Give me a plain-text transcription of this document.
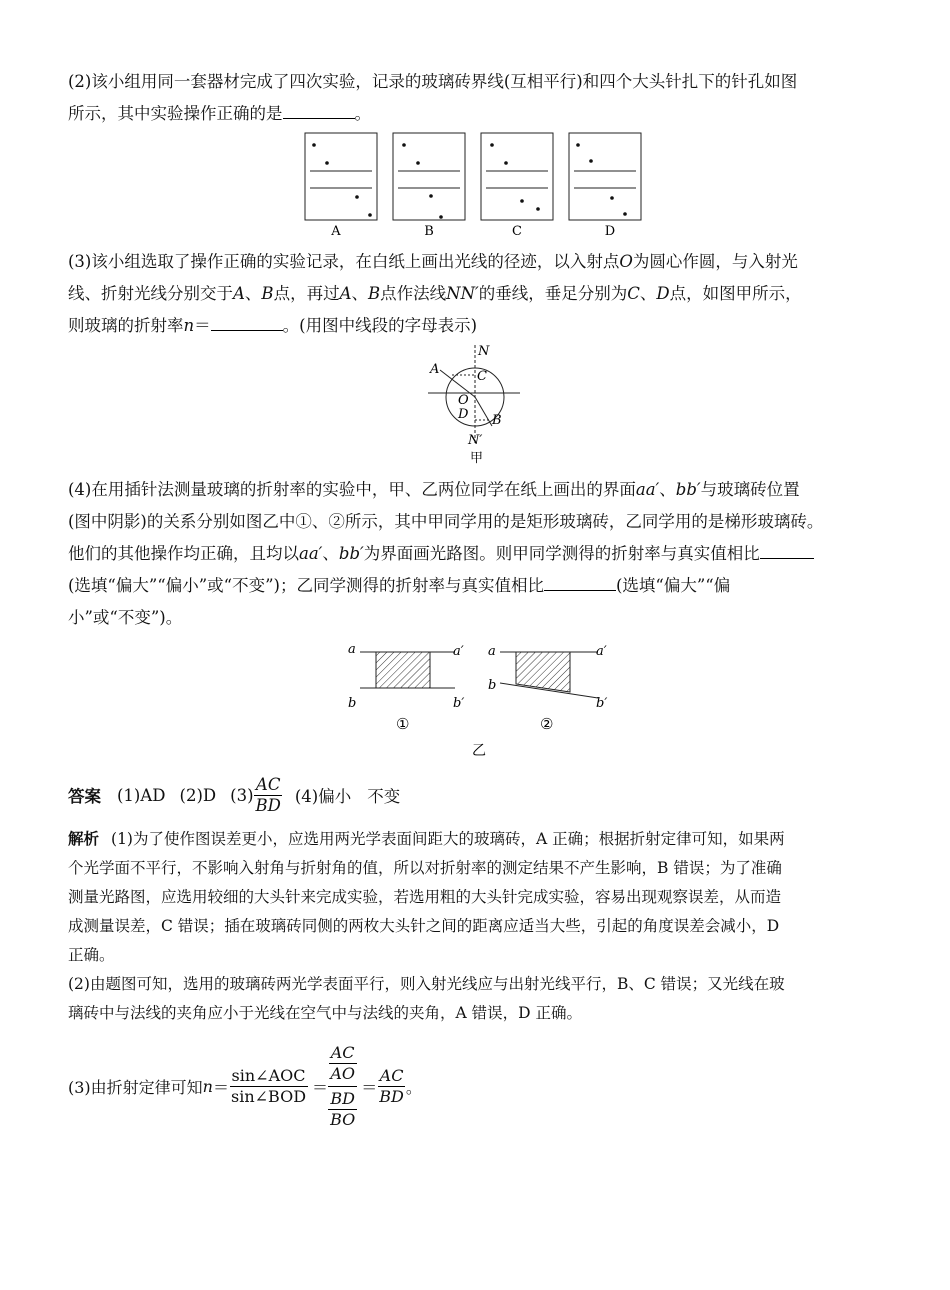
(2)该小组用同一套器材完成了四次实验，记录的玻璃砖界线(互相平行)和四个大头针扎下的针孔如图
所示，其中实验操作正确的是	。
A	B	C	D
(3)该小组选取了操作正确的实验记录，在白纸上画出光线的径迹，以入射点O为圆心作圆，与入射光
线、折射光线分别交于A、B点，再过A、B点作法线NN′的垂线，垂足分别为C、D点，如图甲所示，
则玻璃的折射率n＝	。(用图中线段的字母表示)
N
A	C
O
D B
N′
甲
(4)在用插针法测量玻璃的折射率的实验中，甲、乙两位同学在纸上画出的界面aa′、bb′与玻璃砖位置
(图中阴影)的关系分别如图乙中①、②所示，其中甲同学用的是矩形玻璃砖，乙同学用的是梯形玻璃砖。
他们的其他操作均正确，且均以aa′、bb′为界面画光路图。则甲同学测得的折射率与真实值相比
(选填“偏大”“偏小”或“不变”)；乙同学测得的折射率与真实值相比	(选填“偏大”“偏
小”或“不变”)。
a	a′
b	b′
①
a	a′
b
b′
②
乙
答案 (1)AD (2)D $(3) \frac{AC}{BD} (4)$偏小 不变
解析 (1)为了使作图误差更小，应选用两光学表面间距大的玻璃砖，A 正确；根据折射定律可知，如果两
个光学面不平行，不影响入射角与折射角的值，所以对折射率的测定结果不产生影响，B 错误；为了准确
测量光路图，应选用较细的大头针来完成实验，若选用粗的大头针完成实验，容易出现观察误差，从而造
成测量误差，C 错误；插在玻璃砖同侧的两枚大头针之间的距离应适当大些，引起的角度误差会减小，D
正确。
(2)由题图可知，选用的玻璃砖两光学表面平行，则入射光线应与出射光线平行，B、C 错误；又光线在玻
璃砖中与法线的夹角应小于光线在空气中与法线的夹角，A 错误，D 正确。
(3)由折射定律可知 $n = \frac{\text{sin∠AOC}}{\text{sin∠BOD}}$ ＝
$\frac{AC}{AO}$
$\frac{BD}{BO} = \frac{AC}{BD}$ 。
